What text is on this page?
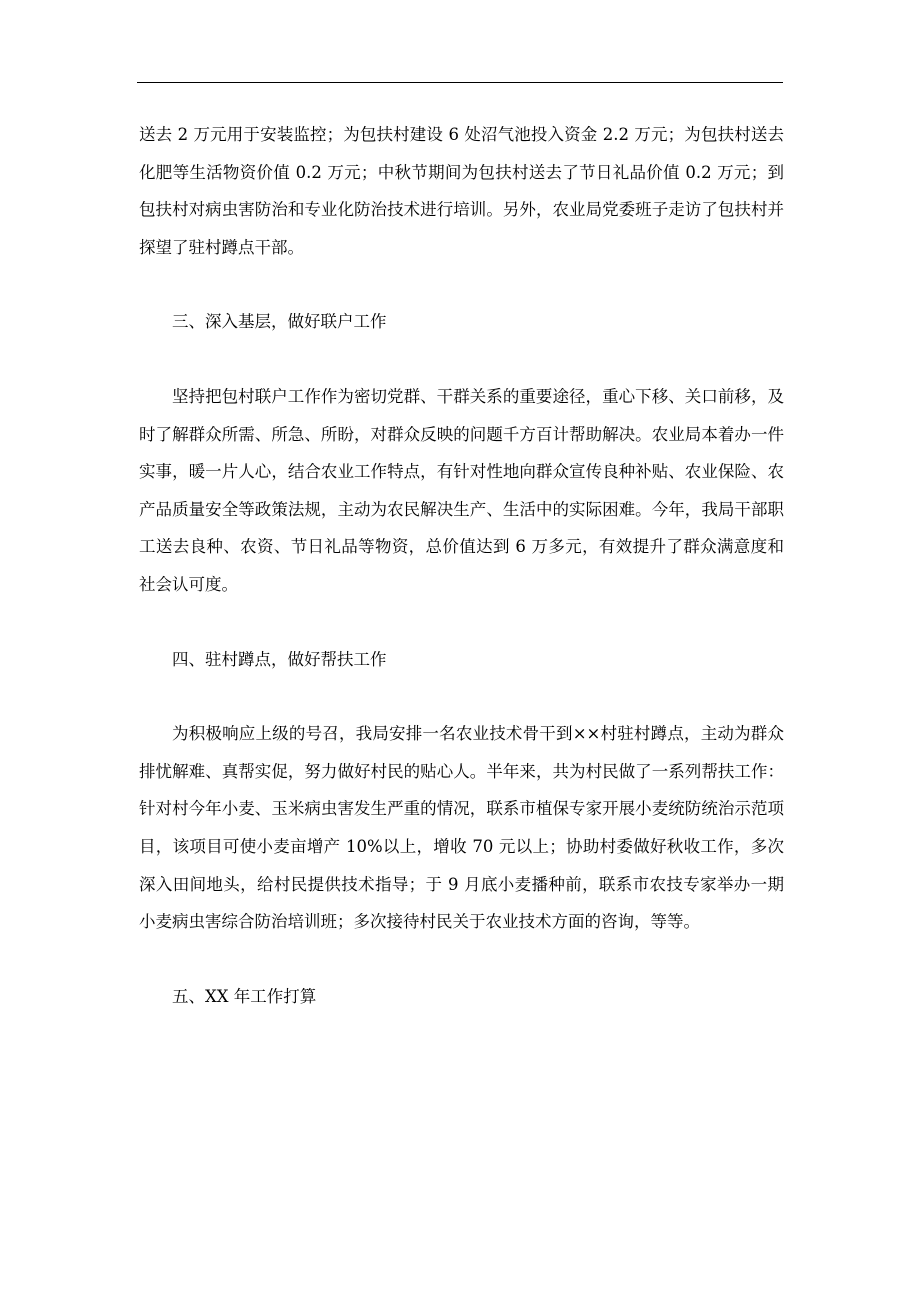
送去 2 万元用于安装监控；为包扶村建设 6 处沼气池投入资金 2.2 万元；为包扶村送去化肥等生活物资价值 0.2 万元；中秋节期间为包扶村送去了节日礼品价值 0.2 万元；到包扶村对病虫害防治和专业化防治技术进行培训。另外，农业局党委班子走访了包扶村并探望了驻村蹲点干部。

三、深入基层，做好联户工作

坚持把包村联户工作作为密切党群、干群关系的重要途径，重心下移、关口前移，及时了解群众所需、所急、所盼，对群众反映的问题千方百计帮助解决。农业局本着办一件实事，暖一片人心，结合农业工作特点，有针对性地向群众宣传良种补贴、农业保险、农产品质量安全等政策法规，主动为农民解决生产、生活中的实际困难。今年，我局干部职工送去良种、农资、节日礼品等物资，总价值达到 6 万多元，有效提升了群众满意度和社会认可度。

四、驻村蹲点，做好帮扶工作

为积极响应上级的号召，我局安排一名农业技术骨干到××村驻村蹲点，主动为群众排忧解难、真帮实促，努力做好村民的贴心人。半年来，共为村民做了一系列帮扶工作：针对村今年小麦、玉米病虫害发生严重的情况，联系市植保专家开展小麦统防统治示范项目，该项目可使小麦亩增产 10%以上，增收 70 元以上；协助村委做好秋收工作，多次深入田间地头，给村民提供技术指导；于 9 月底小麦播种前，联系市农技专家举办一期小麦病虫害综合防治培训班；多次接待村民关于农业技术方面的咨询，等等。

五、XX 年工作打算
